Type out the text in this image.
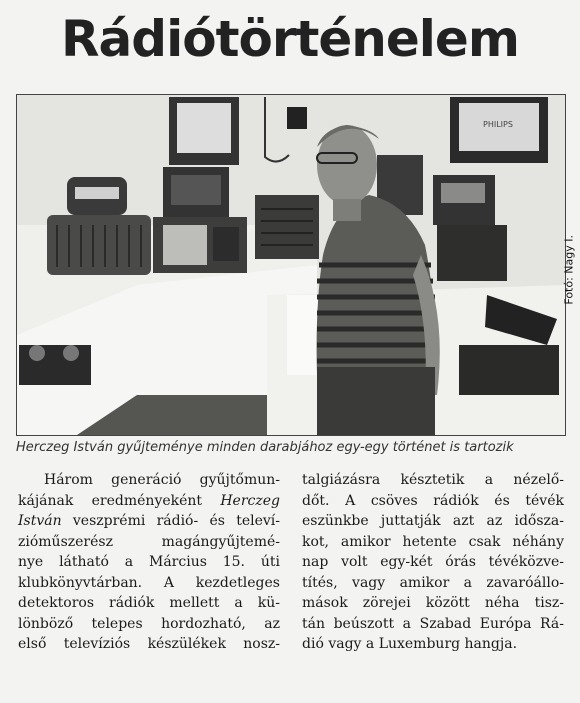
Rádiótörténelem
PHILIPS
Fotó: Nagy I.
Herczeg István gyűjteménye minden darabjához egy-egy történet is tartozik
Három generáció gyűjtőmun-
kájának eredményeként Herczeg
István veszprémi rádió- és televí-
zióműszerész magángyűjtemé-
nye látható a Március 15. úti
klubkönyvtárban. A kezdetleges
detektoros rádiók mellett a kü-
lönböző telepes hordozható, az
első televíziós készülékek nosz-
talgiázásra késztetik a nézelő-
dőt. A csöves rádiók és tévék
eszünkbe juttatják azt az idősza-
kot, amikor hetente csak néhány
nap volt egy-két órás tévéközve-
títés, vagy amikor a zavaróállo-
mások zörejei között néha tisz-
tán beúszott a Szabad Európa Rá-
dió vagy a Luxemburg hangja.
